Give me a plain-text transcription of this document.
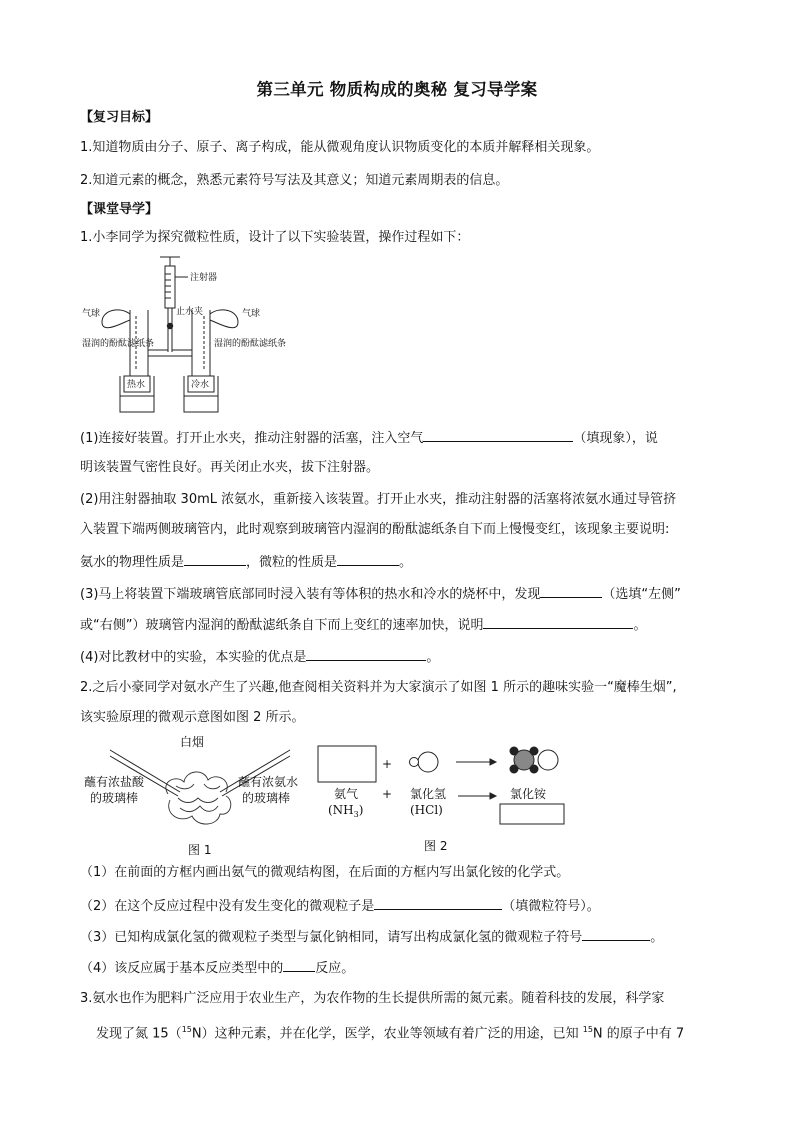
第三单元 物质构成的奥秘 复习导学案
【复习目标】
1.知道物质由分子、原子、离子构成，能从微观角度认识物质变化的本质并解释相关现象。
2.知道元素的概念，熟悉元素符号写法及其意义；知道元素周期表的信息。
【课堂导学】
1.小李同学为探究微粒性质，设计了以下实验装置，操作过程如下：
注射器
止水夹
气球	气球
湿润的酚酞滤纸条	湿润的酚酞滤纸条
热水	冷水
(1)连接好装置。打开止水夹，推动注射器的活塞，注入空气	（填现象），说
明该装置气密性良好。再关闭止水夹，拔下注射器。
(2)用注射器抽取 30mL 浓氨水，重新接入该装置。打开止水夹，推动注射器的活塞将浓氨水通过导管挤
入装置下端两侧玻璃管内，此时观察到玻璃管内湿润的酚酞滤纸条自下而上慢慢变红，该现象主要说明:
氨水的物理性质是	，微粒的性质是	。
(3)马上将装置下端玻璃管底部同时浸入装有等体积的热水和冷水的烧杯中，发现	（选填“左侧”
或“右侧”）玻璃管内湿润的酚酞滤纸条自下而上变红的速率加快，说明	。
(4)对比教材中的实验，本实验的优点是	。
2.之后小豪同学对氨水产生了兴趣,他查阅相关资料并为大家演示了如图 1 所示的趣味实验一“魔棒生烟”,
该实验原理的微观示意图如图 2 所示。
白烟
蘸有浓盐酸
的玻璃棒
蘸有浓氨水
的玻璃棒
图 1
+
+
氨气
$(NH_3)$
氯化氢
(HCl)
氯化铵
图 2
（1）在前面的方框内画出氨气的微观结构图，在后面的方框内写出氯化铵的化学式。
（2）在这个反应过程中没有发生变化的微观粒子是	（填微粒符号）。
（3）已知构成氯化氢的微观粒子类型与氯化钠相同，请写出构成氯化氢的微观粒子符号	。
（4）该反应属于基本反应类型中的 反应。
3.氨水也作为肥料广泛应用于农业生产，为农作物的生长提供所需的氮元素。随着科技的发展，科学家
发现了氮 15（$^{15}$N）这种元素，并在化学，医学，农业等领域有着广泛的用途，已知 $^{15}$N 的原子中有 7
